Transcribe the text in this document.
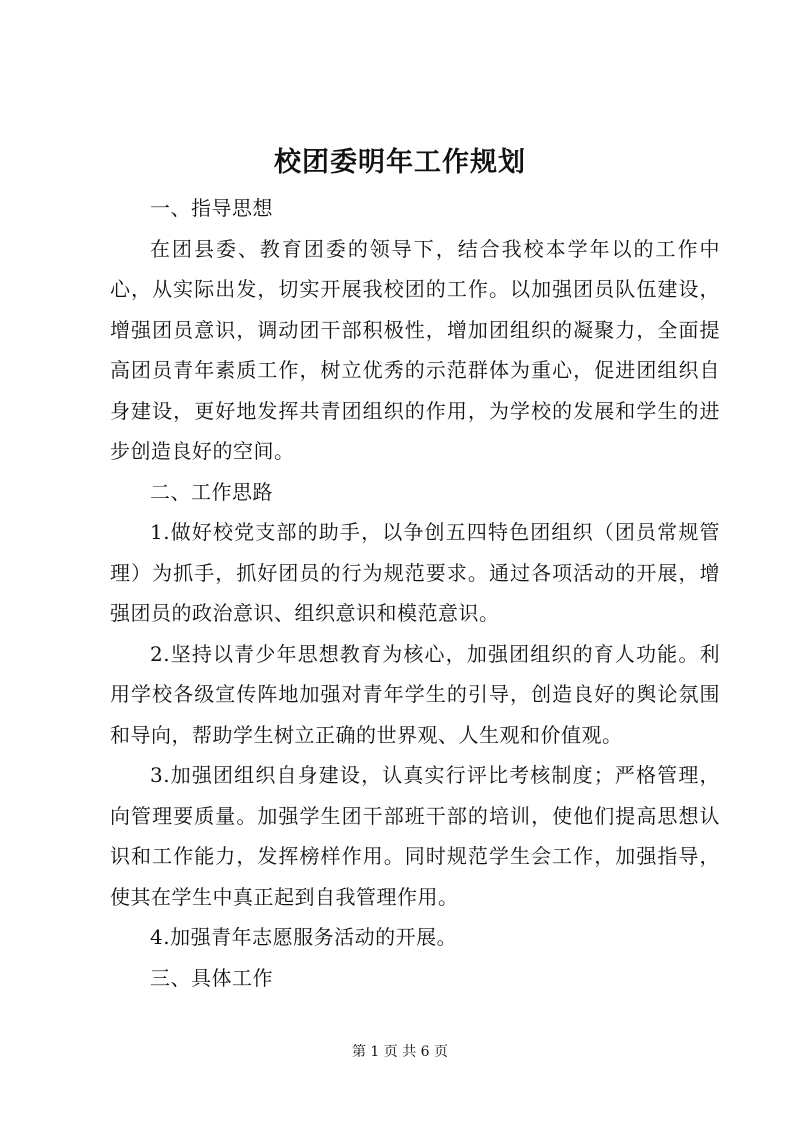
校团委明年工作规划

一、指导思想

在团县委、教育团委的领导下，结合我校本学年以的工作中心，从实际出发，切实开展我校团的工作。以加强团员队伍建设，增强团员意识，调动团干部积极性，增加团组织的凝聚力，全面提高团员青年素质工作，树立优秀的示范群体为重心，促进团组织自身建设，更好地发挥共青团组织的作用，为学校的发展和学生的进步创造良好的空间。

二、工作思路

1.做好校党支部的助手，以争创五四特色团组织（团员常规管理）为抓手，抓好团员的行为规范要求。通过各项活动的开展，增强团员的政治意识、组织意识和模范意识。

2.坚持以青少年思想教育为核心，加强团组织的育人功能。利用学校各级宣传阵地加强对青年学生的引导，创造良好的舆论氛围和导向，帮助学生树立正确的世界观、人生观和价值观。

3.加强团组织自身建设，认真实行评比考核制度；严格管理，向管理要质量。加强学生团干部班干部的培训，使他们提高思想认识和工作能力，发挥榜样作用。同时规范学生会工作，加强指导，使其在学生中真正起到自我管理作用。

4.加强青年志愿服务活动的开展。

三、具体工作

第 1 页 共 6 页
